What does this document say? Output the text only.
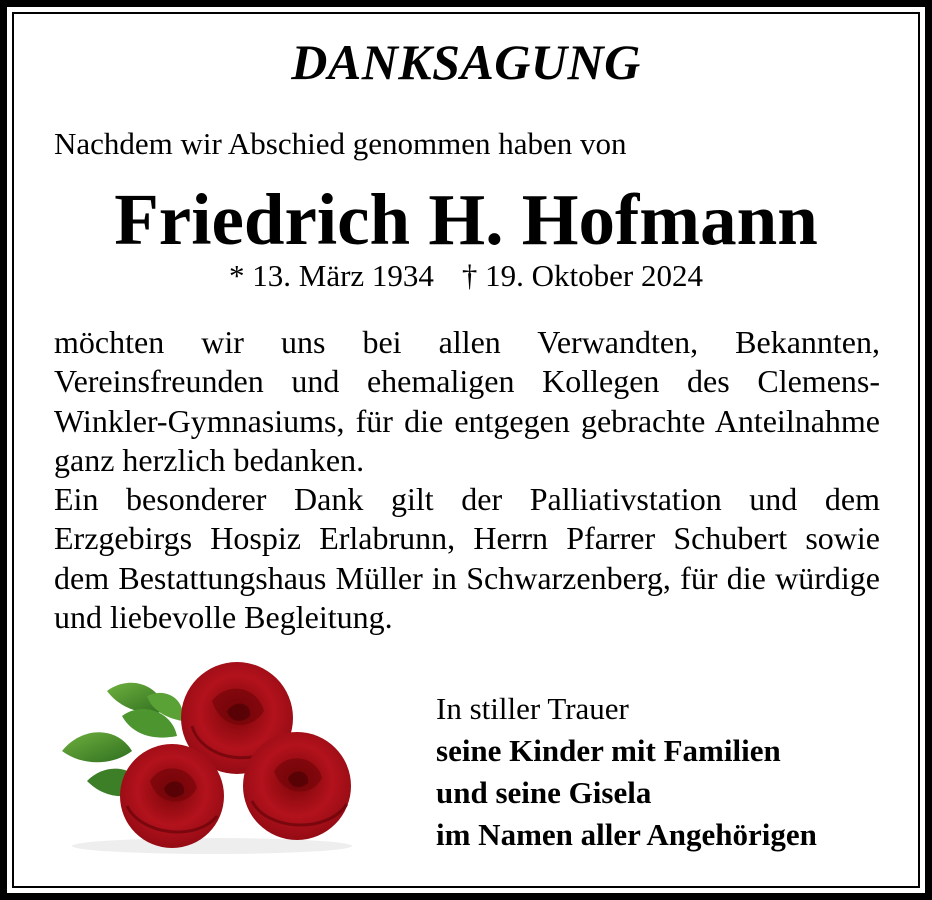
DANKSAGUNG

Nachdem wir Abschied genommen haben von

Friedrich H. Hofmann
* 13. März 1934 † 19. Oktober 2024

möchten wir uns bei allen Verwandten, Bekannten, Vereinsfreunden und ehemaligen Kollegen des Clemens-Winkler-Gymnasiums, für die entgegen gebrachte Anteilnahme ganz herzlich bedanken.

Ein besonderer Dank gilt der Palliativstation und dem Erzgebirgs Hospiz Erlabrunn, Herrn Pfarrer Schubert sowie dem Bestattungshaus Müller in Schwarzenberg, für die würdige und liebevolle Begleitung.

In stiller Trauer
seine Kinder mit Familien
und seine Gisela
im Namen aller Angehörigen
